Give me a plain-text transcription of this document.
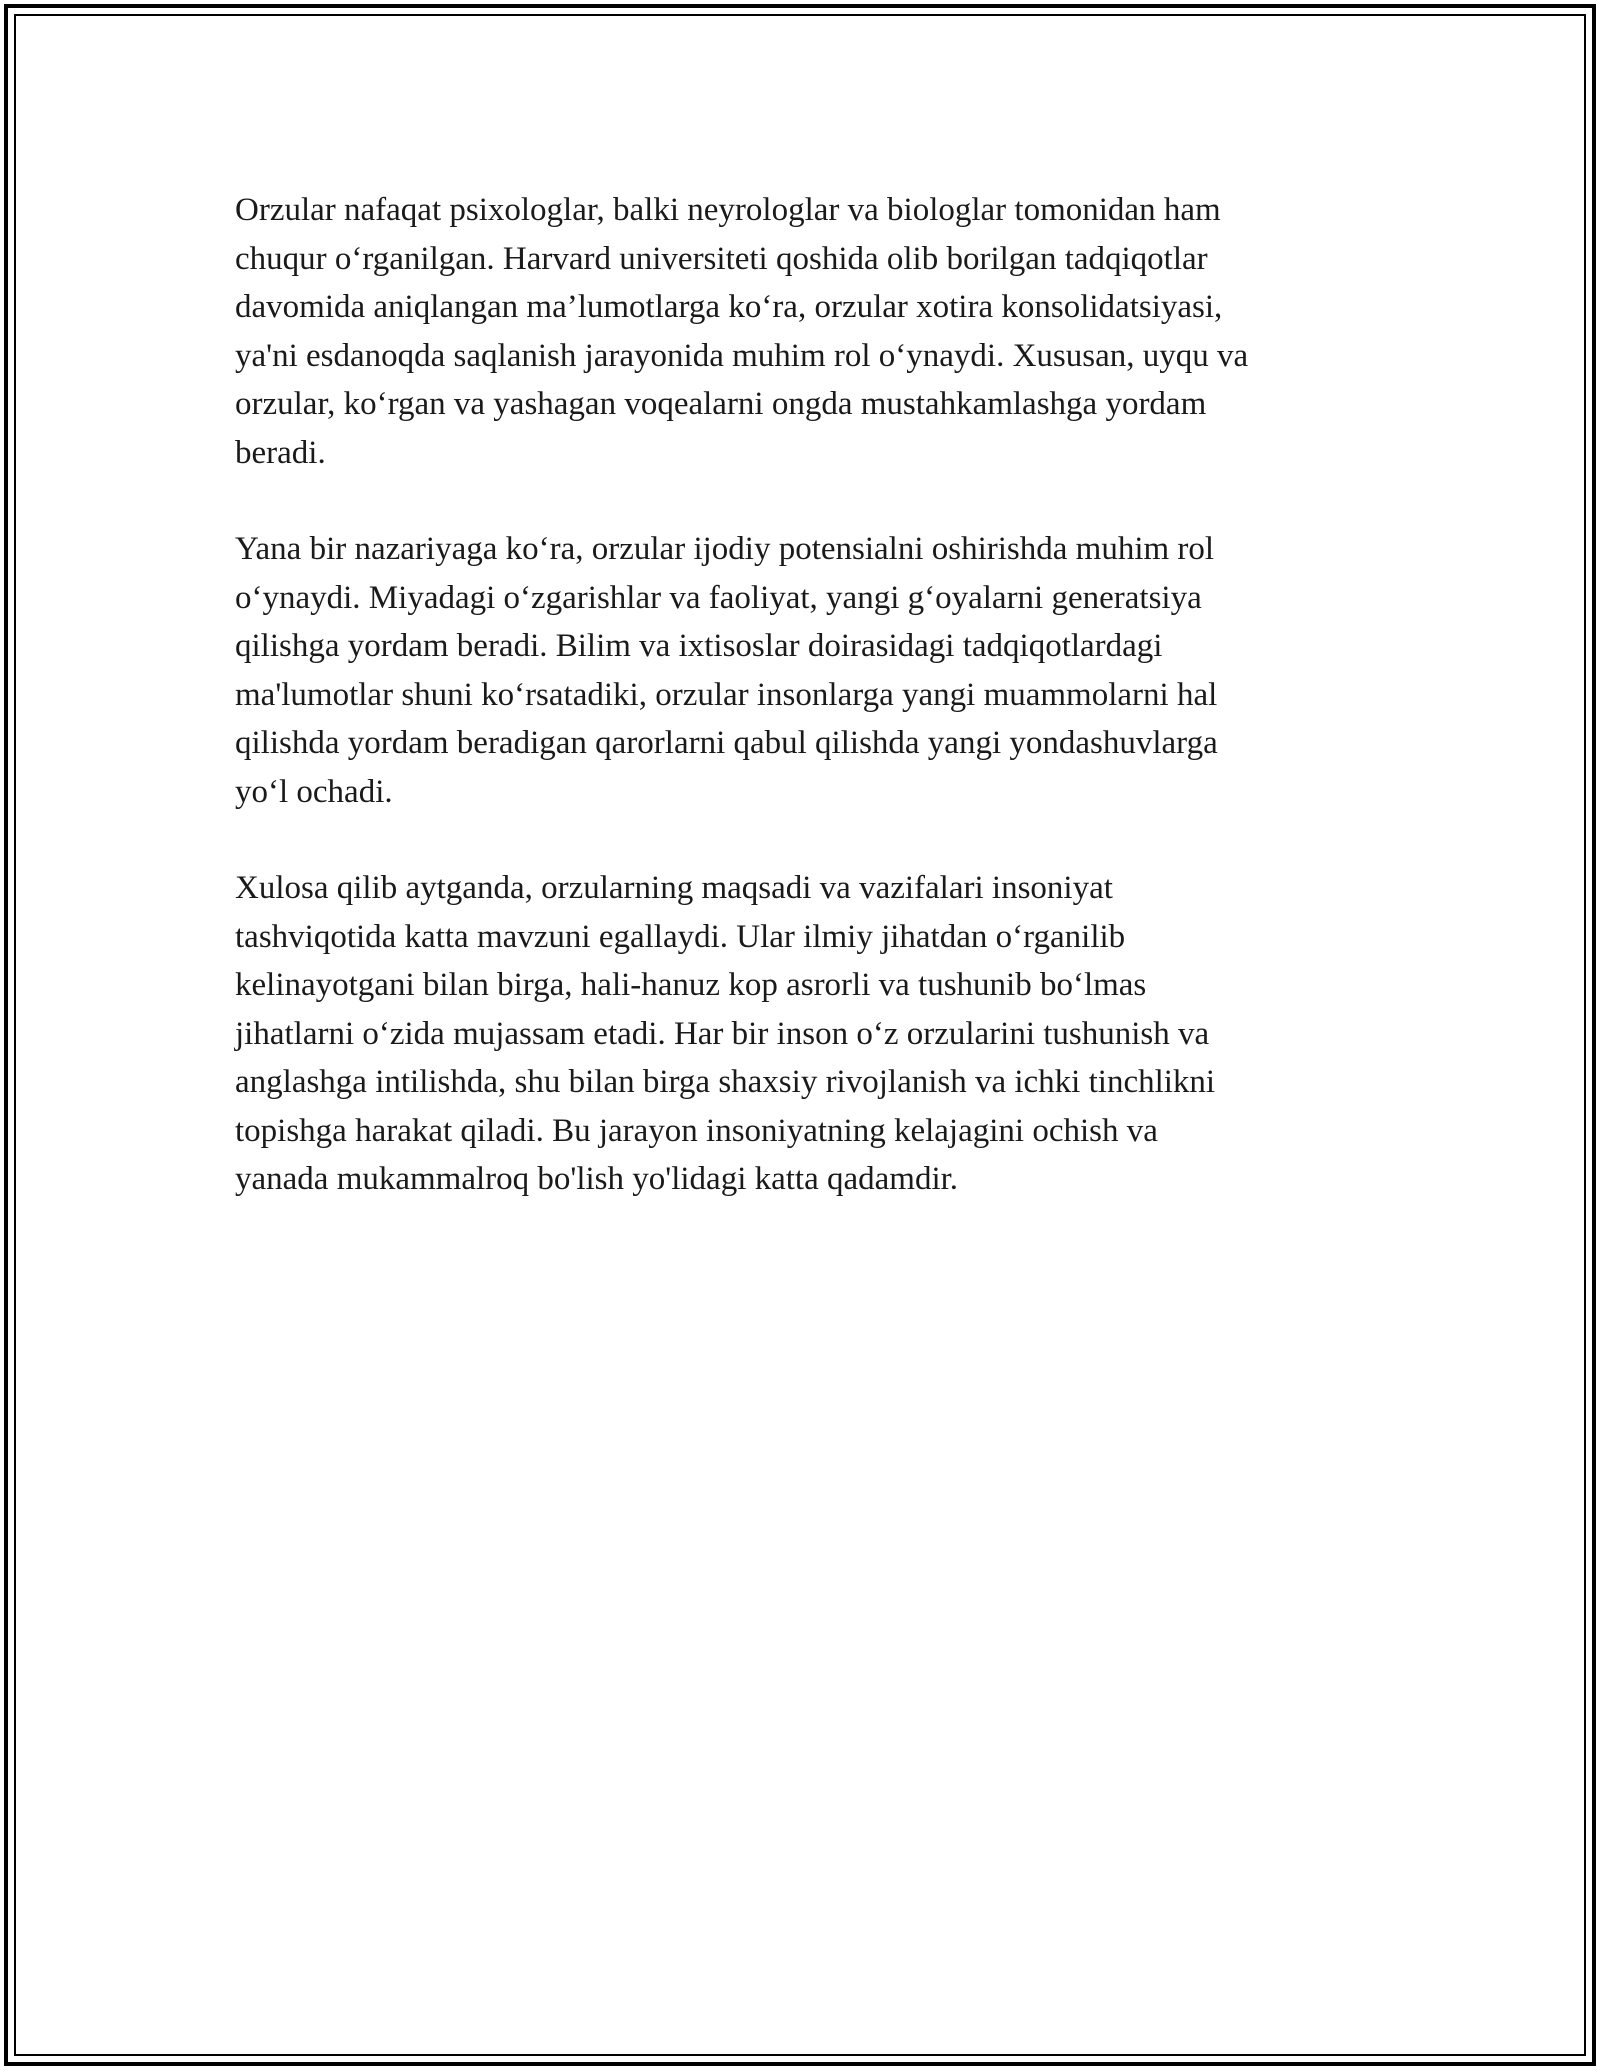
Orzular nafaqat psixologlar, balki neyrologlar va biologlar tomonidan ham
chuqur o‘rganilgan. Harvard universiteti qoshida olib borilgan tadqiqotlar
davomida aniqlangan ma’lumotlarga ko‘ra, orzular xotira konsolidatsiyasi,
ya'ni esdanoqda saqlanish jarayonida muhim rol o‘ynaydi. Xususan, uyqu va
orzular, ko‘rgan va yashagan voqealarni ongda mustahkamlashga yordam
beradi.

Yana bir nazariyaga ko‘ra, orzular ijodiy potensialni oshirishda muhim rol
o‘ynaydi. Miyadagi o‘zgarishlar va faoliyat, yangi g‘oyalarni generatsiya
qilishga yordam beradi. Bilim va ixtisoslar doirasidagi tadqiqotlardagi
ma'lumotlar shuni ko‘rsatadiki, orzular insonlarga yangi muammolarni hal
qilishda yordam beradigan qarorlarni qabul qilishda yangi yondashuvlarga
yo‘l ochadi.

Xulosa qilib aytganda, orzularning maqsadi va vazifalari insoniyat
tashviqotida katta mavzuni egallaydi. Ular ilmiy jihatdan o‘rganilib
kelinayotgani bilan birga, hali-hanuz kop asrorli va tushunib bo‘lmas
jihatlarni o‘zida mujassam etadi. Har bir inson o‘z orzularini tushunish va
anglashga intilishda, shu bilan birga shaxsiy rivojlanish va ichki tinchlikni
topishga harakat qiladi. Bu jarayon insoniyatning kelajagini ochish va
yanada mukammalroq bo'lish yo'lidagi katta qadamdir.
